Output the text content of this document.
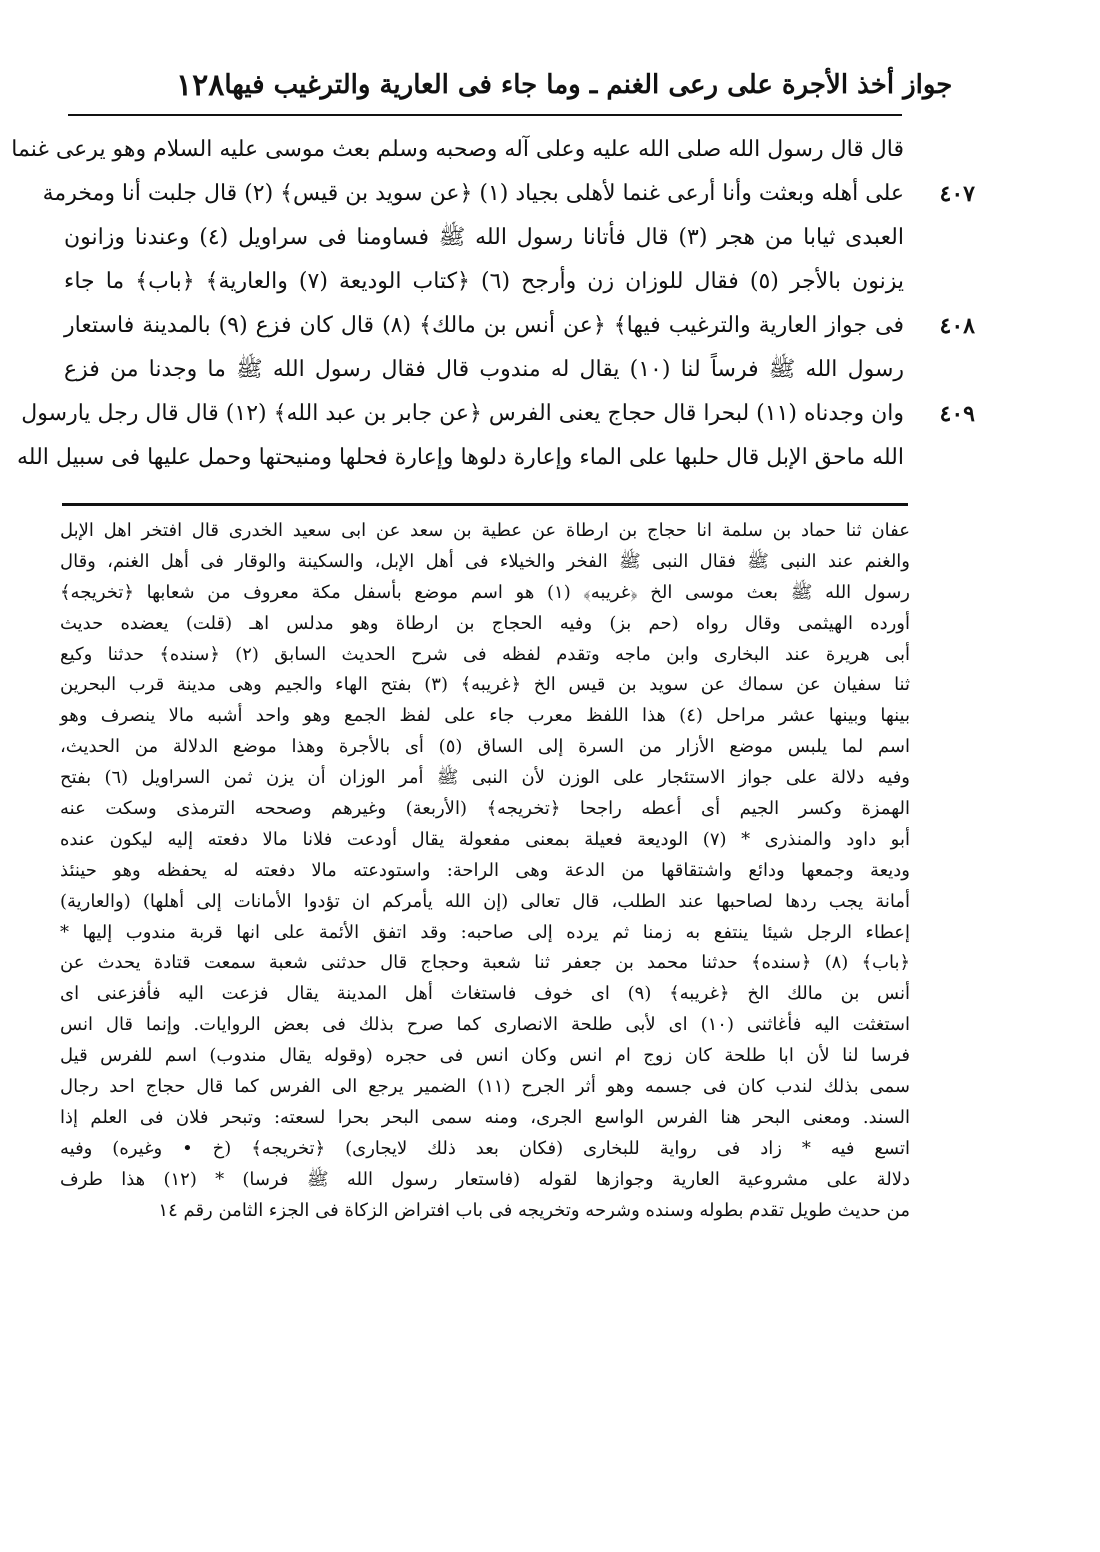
١٢٨ جواز أخذ الأجرة على رعى الغنم ـ وما جاء فى العارية والترغيب فيها
قال قال رسول الله صلى الله عليه وعلى آله وصحبه وسلم بعث موسى عليه السلام وهو يرعى غنما
على أهله وبعثت وأنا أرعى غنما لأهلى بجياد (١) ﴿عن سويد بن قيس﴾ (٢) قال جلبت أنا ومخرمة
العبدى ثيابا من هجر (٣) قال فأتانا رسول الله ﷺ فساومنا فى سراويل (٤) وعندنا وزانون
يزنون بالأجر (٥) فقال للوزان زن وأرجح (٦) ﴿كتاب الوديعة (٧) والعارية﴾ ﴿باب﴾ ما جاء
فى جواز العارية والترغيب فيها﴾ ﴿عن أنس بن مالك﴾ (٨) قال كان فزع (٩) بالمدينة فاستعار
رسول الله ﷺ فرساً لنا (١٠) يقال له مندوب قال فقال رسول الله ﷺ ما وجدنا من فزع
وان وجدناه (١١) لبحرا قال حجاج يعنى الفرس ﴿عن جابر بن عبد الله﴾ (١٢) قال قال رجل يارسول
الله ماحق الإبل قال حلبها على الماء وإعارة دلوها وإعارة فحلها ومنيحتها وحمل عليها فى سبيل الله
٤٠٧
٤٠٨
٤٠٩
عفان ثنا حماد بن سلمة انا حجاج بن ارطاة عن عطية بن سعد عن ابى سعيد الخدرى قال افتخر اهل الإبل
والغنم عند النبى ﷺ فقال النبى ﷺ الفخر والخيلاء فى أهل الإبل، والسكينة والوقار فى أهل الغنم، وقال
رسول الله ﷺ بعث موسى الخ ﴿غريبه﴾ (١) هو اسم موضع بأسفل مكة معروف من شعابها ﴿تخريجه﴾
أورده الهيثمى وقال رواه (حم بز) وفيه الحجاج بن ارطاة وهو مدلس اهـ (قلت) يعضده حديث
أبى هريرة عند البخارى وابن ماجه وتقدم لفظه فى شرح الحديث السابق (٢) ﴿سنده﴾ حدثنا وكيع
ثنا سفيان عن سماك عن سويد بن قيس الخ ﴿غريبه﴾ (٣) بفتح الهاء والجيم وهى مدينة قرب البحرين
بينها وبينها عشر مراحل (٤) هذا اللفظ معرب جاء على لفظ الجمع وهو واحد أشبه مالا ينصرف وهو
اسم لما يلبس موضع الأزار من السرة إلى الساق (٥) أى بالأجرة وهذا موضع الدلالة من الحديث،
وفيه دلالة على جواز الاستئجار على الوزن لأن النبى ﷺ أمر الوزان أن يزن ثمن السراويل (٦) بفتح
الهمزة وكسر الجيم أى أعطه راجحا ﴿تخريجه﴾ (الأربعة) وغيرهم وصححه الترمذى وسكت عنه
أبو داود والمنذرى * (٧) الوديعة فعيلة بمعنى مفعولة يقال أودعت فلانا مالا دفعته إليه ليكون عنده
وديعة وجمعها ودائع واشتقاقها من الدعة وهى الراحة: واستودعته مالا دفعته له يحفظه وهو حينئذ
أمانة يجب ردها لصاحبها عند الطلب، قال تعالى (إن الله يأمركم ان تؤدوا الأمانات إلى أهلها) (والعارية)
إعطاء الرجل شيئا ينتفع به زمنا ثم يرده إلى صاحبه: وقد اتفق الأئمة على انها قربة مندوب إليها *
﴿باب﴾ (٨) ﴿سنده﴾ حدثنا محمد بن جعفر ثنا شعبة وحجاج قال حدثنى شعبة سمعت قتادة يحدث عن
أنس بن مالك الخ ﴿غريبه﴾ (٩) اى خوف فاستغاث أهل المدينة يقال فزعت اليه فأفزعنى اى
استغثت اليه فأغاثنى (١٠) اى لأبى طلحة الانصارى كما صرح بذلك فى بعض الروايات. وإنما قال انس
فرسا لنا لأن ابا طلحة كان زوج ام انس وكان انس فى حجره (وقوله يقال مندوب) اسم للفرس قيل
سمى بذلك لندب كان فى جسمه وهو أثر الجرح (١١) الضمير يرجع الى الفرس كما قال حجاج احد رجال
السند. ومعنى البحر هنا الفرس الواسع الجرى، ومنه سمى البحر بحرا لسعته: وتبحر فلان فى العلم إذا
اتسع فيه * زاد فى رواية للبخارى (فكان بعد ذلك لايجارى) ﴿تخريجه﴾ (خ • وغيره) وفيه
دلالة على مشروعية العارية وجوازها لقوله (فاستعار رسول الله ﷺ فرسا) * (١٢) هذا طرف
من حديث طويل تقدم بطوله وسنده وشرحه وتخريجه فى باب افتراض الزكاة فى الجزء الثامن رقم ١٤
